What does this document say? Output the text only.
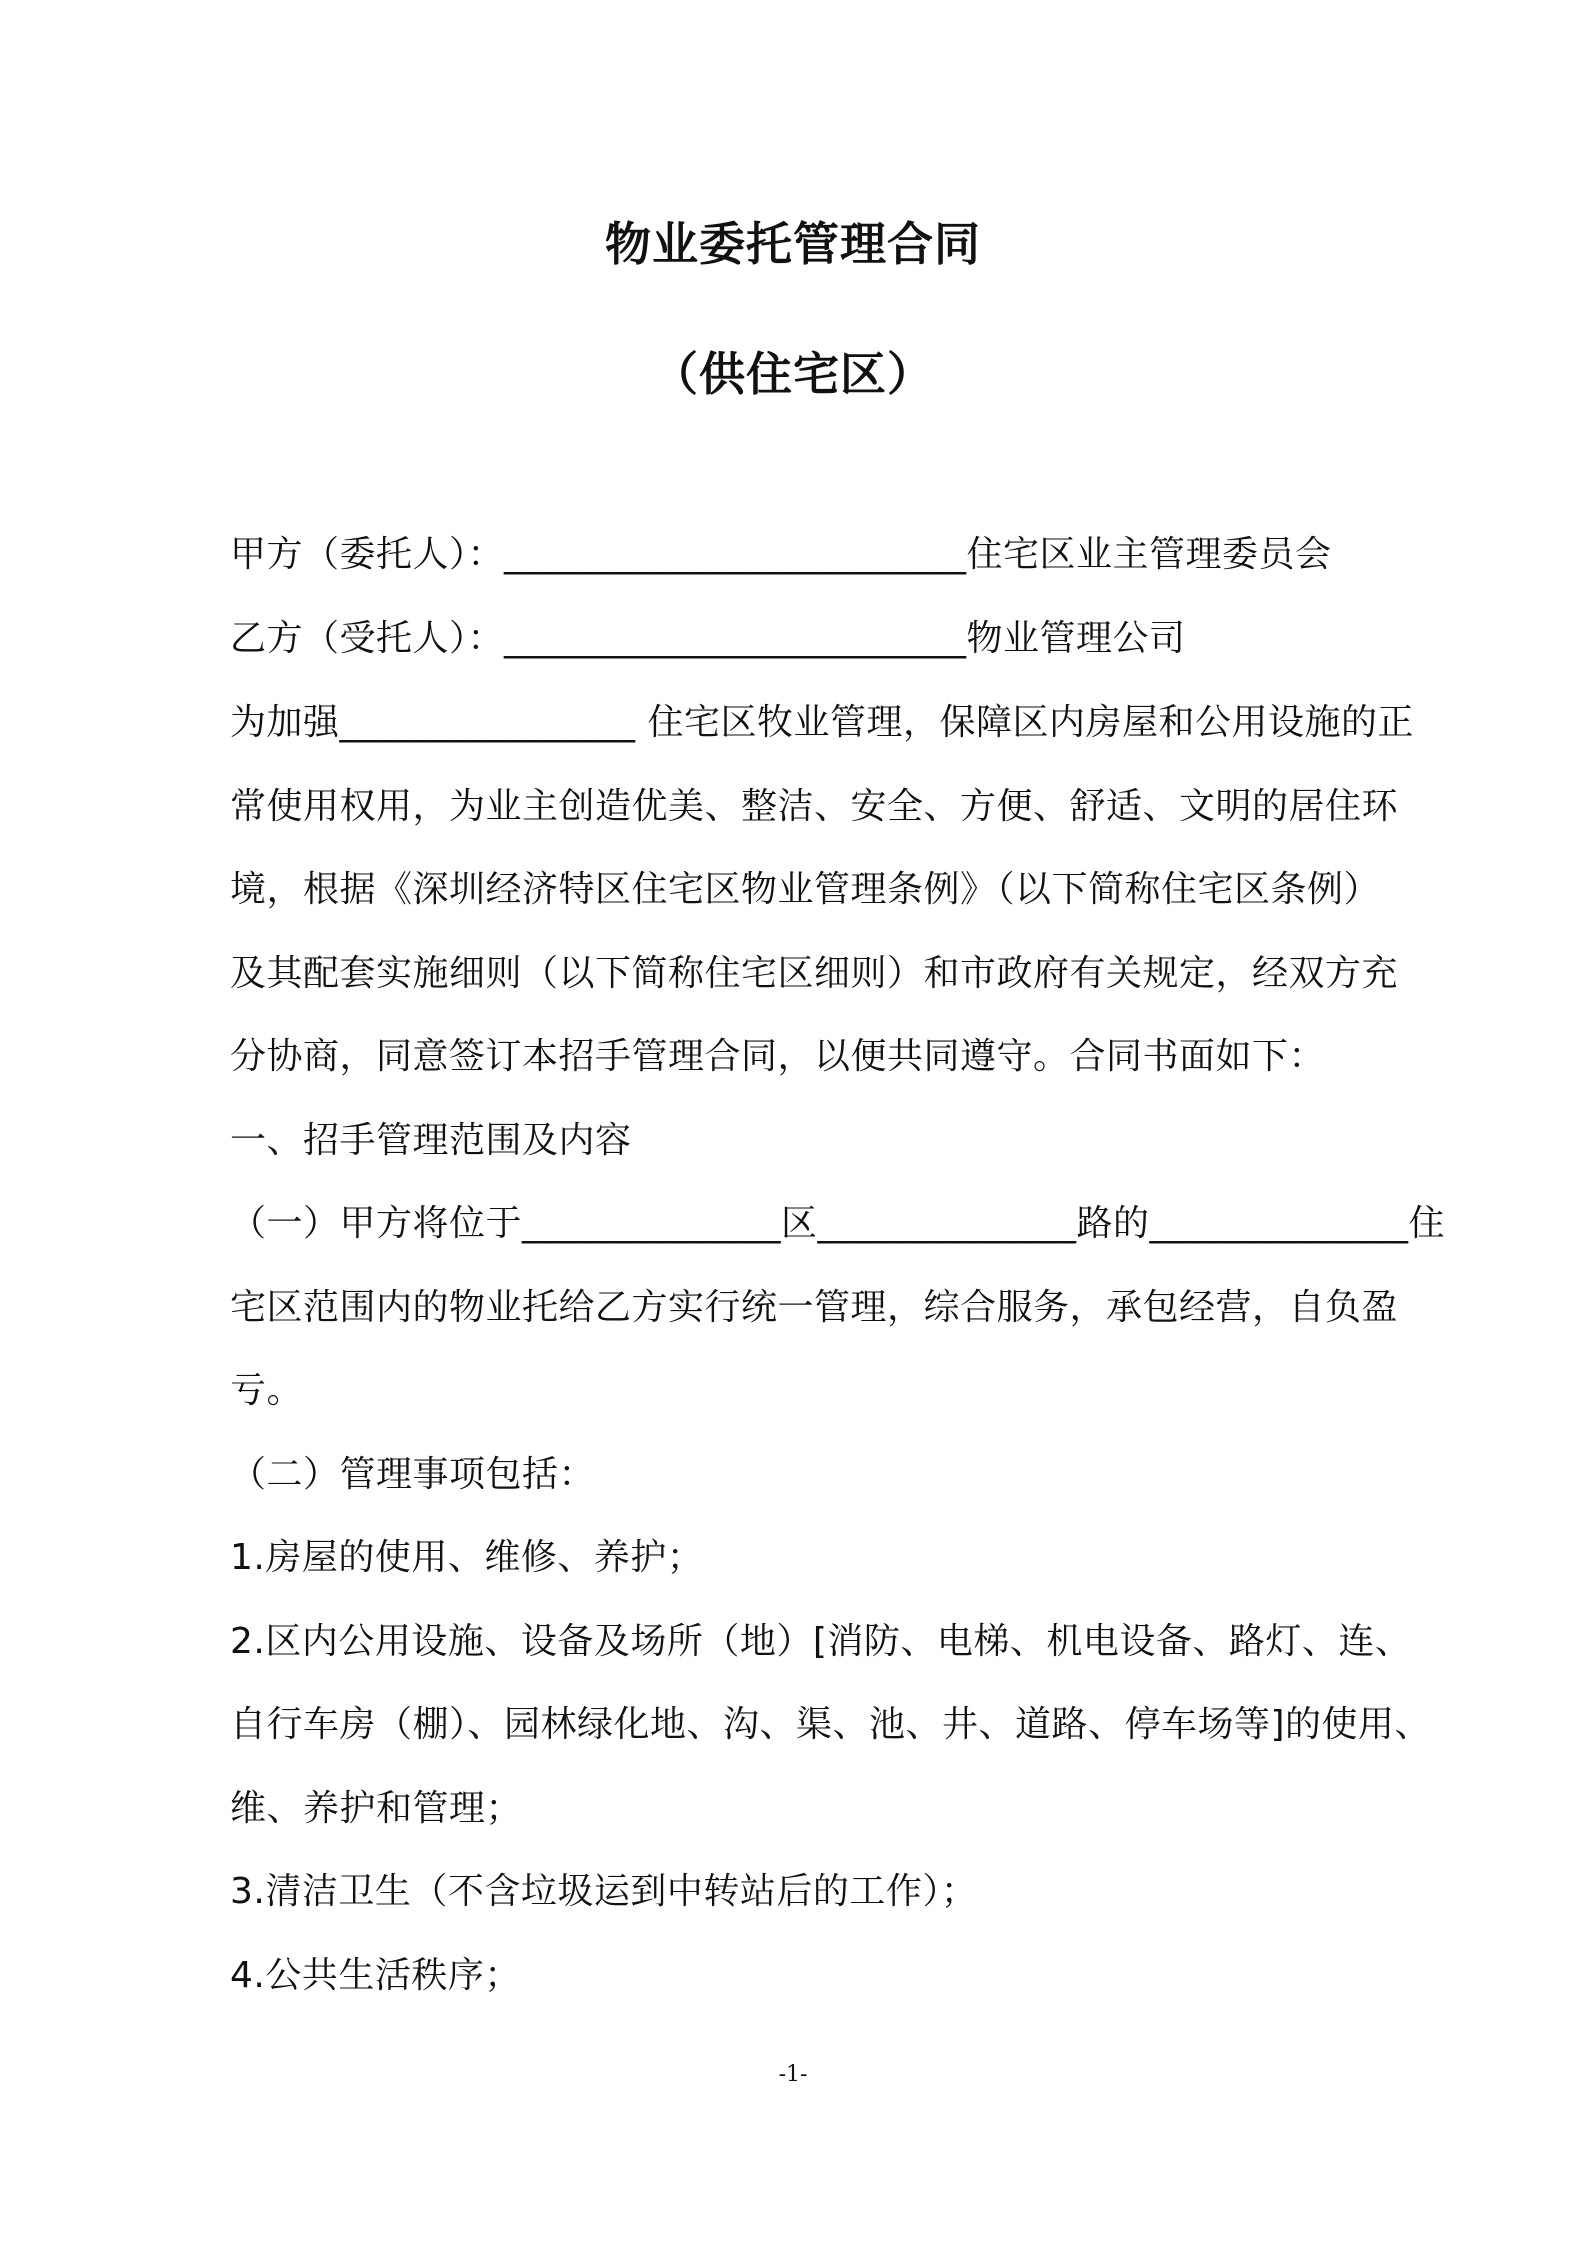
物业委托管理合同
（供住宅区）
甲方（委托人）：_________________________住宅区业主管理委员会
乙方（受托人）：_________________________物业管理公司
为加强________________ 住宅区牧业管理，保障区内房屋和公用设施的正
常使用权用，为业主创造优美、整洁、安全、方便、舒适、文明的居住环
境，根据《深圳经济特区住宅区物业管理条例》（以下简称住宅区条例）
及其配套实施细则（以下简称住宅区细则）和市政府有关规定，经双方充
分协商，同意签订本招手管理合同，以便共同遵守。合同书面如下：
一、招手管理范围及内容
（一）甲方将位于______________区______________路的______________住
宅区范围内的物业托给乙方实行统一管理，综合服务，承包经营，自负盈
亏。
（二）管理事项包括：
1.房屋的使用、维修、养护；
2.区内公用设施、设备及场所（地）[消防、电梯、机电设备、路灯、连、
自行车房（棚）、园林绿化地、沟、渠、池、井、道路、停车场等]的使用、
维、养护和管理；
3.清洁卫生（不含垃圾运到中转站后的工作）；
4.公共生活秩序；
-1-
